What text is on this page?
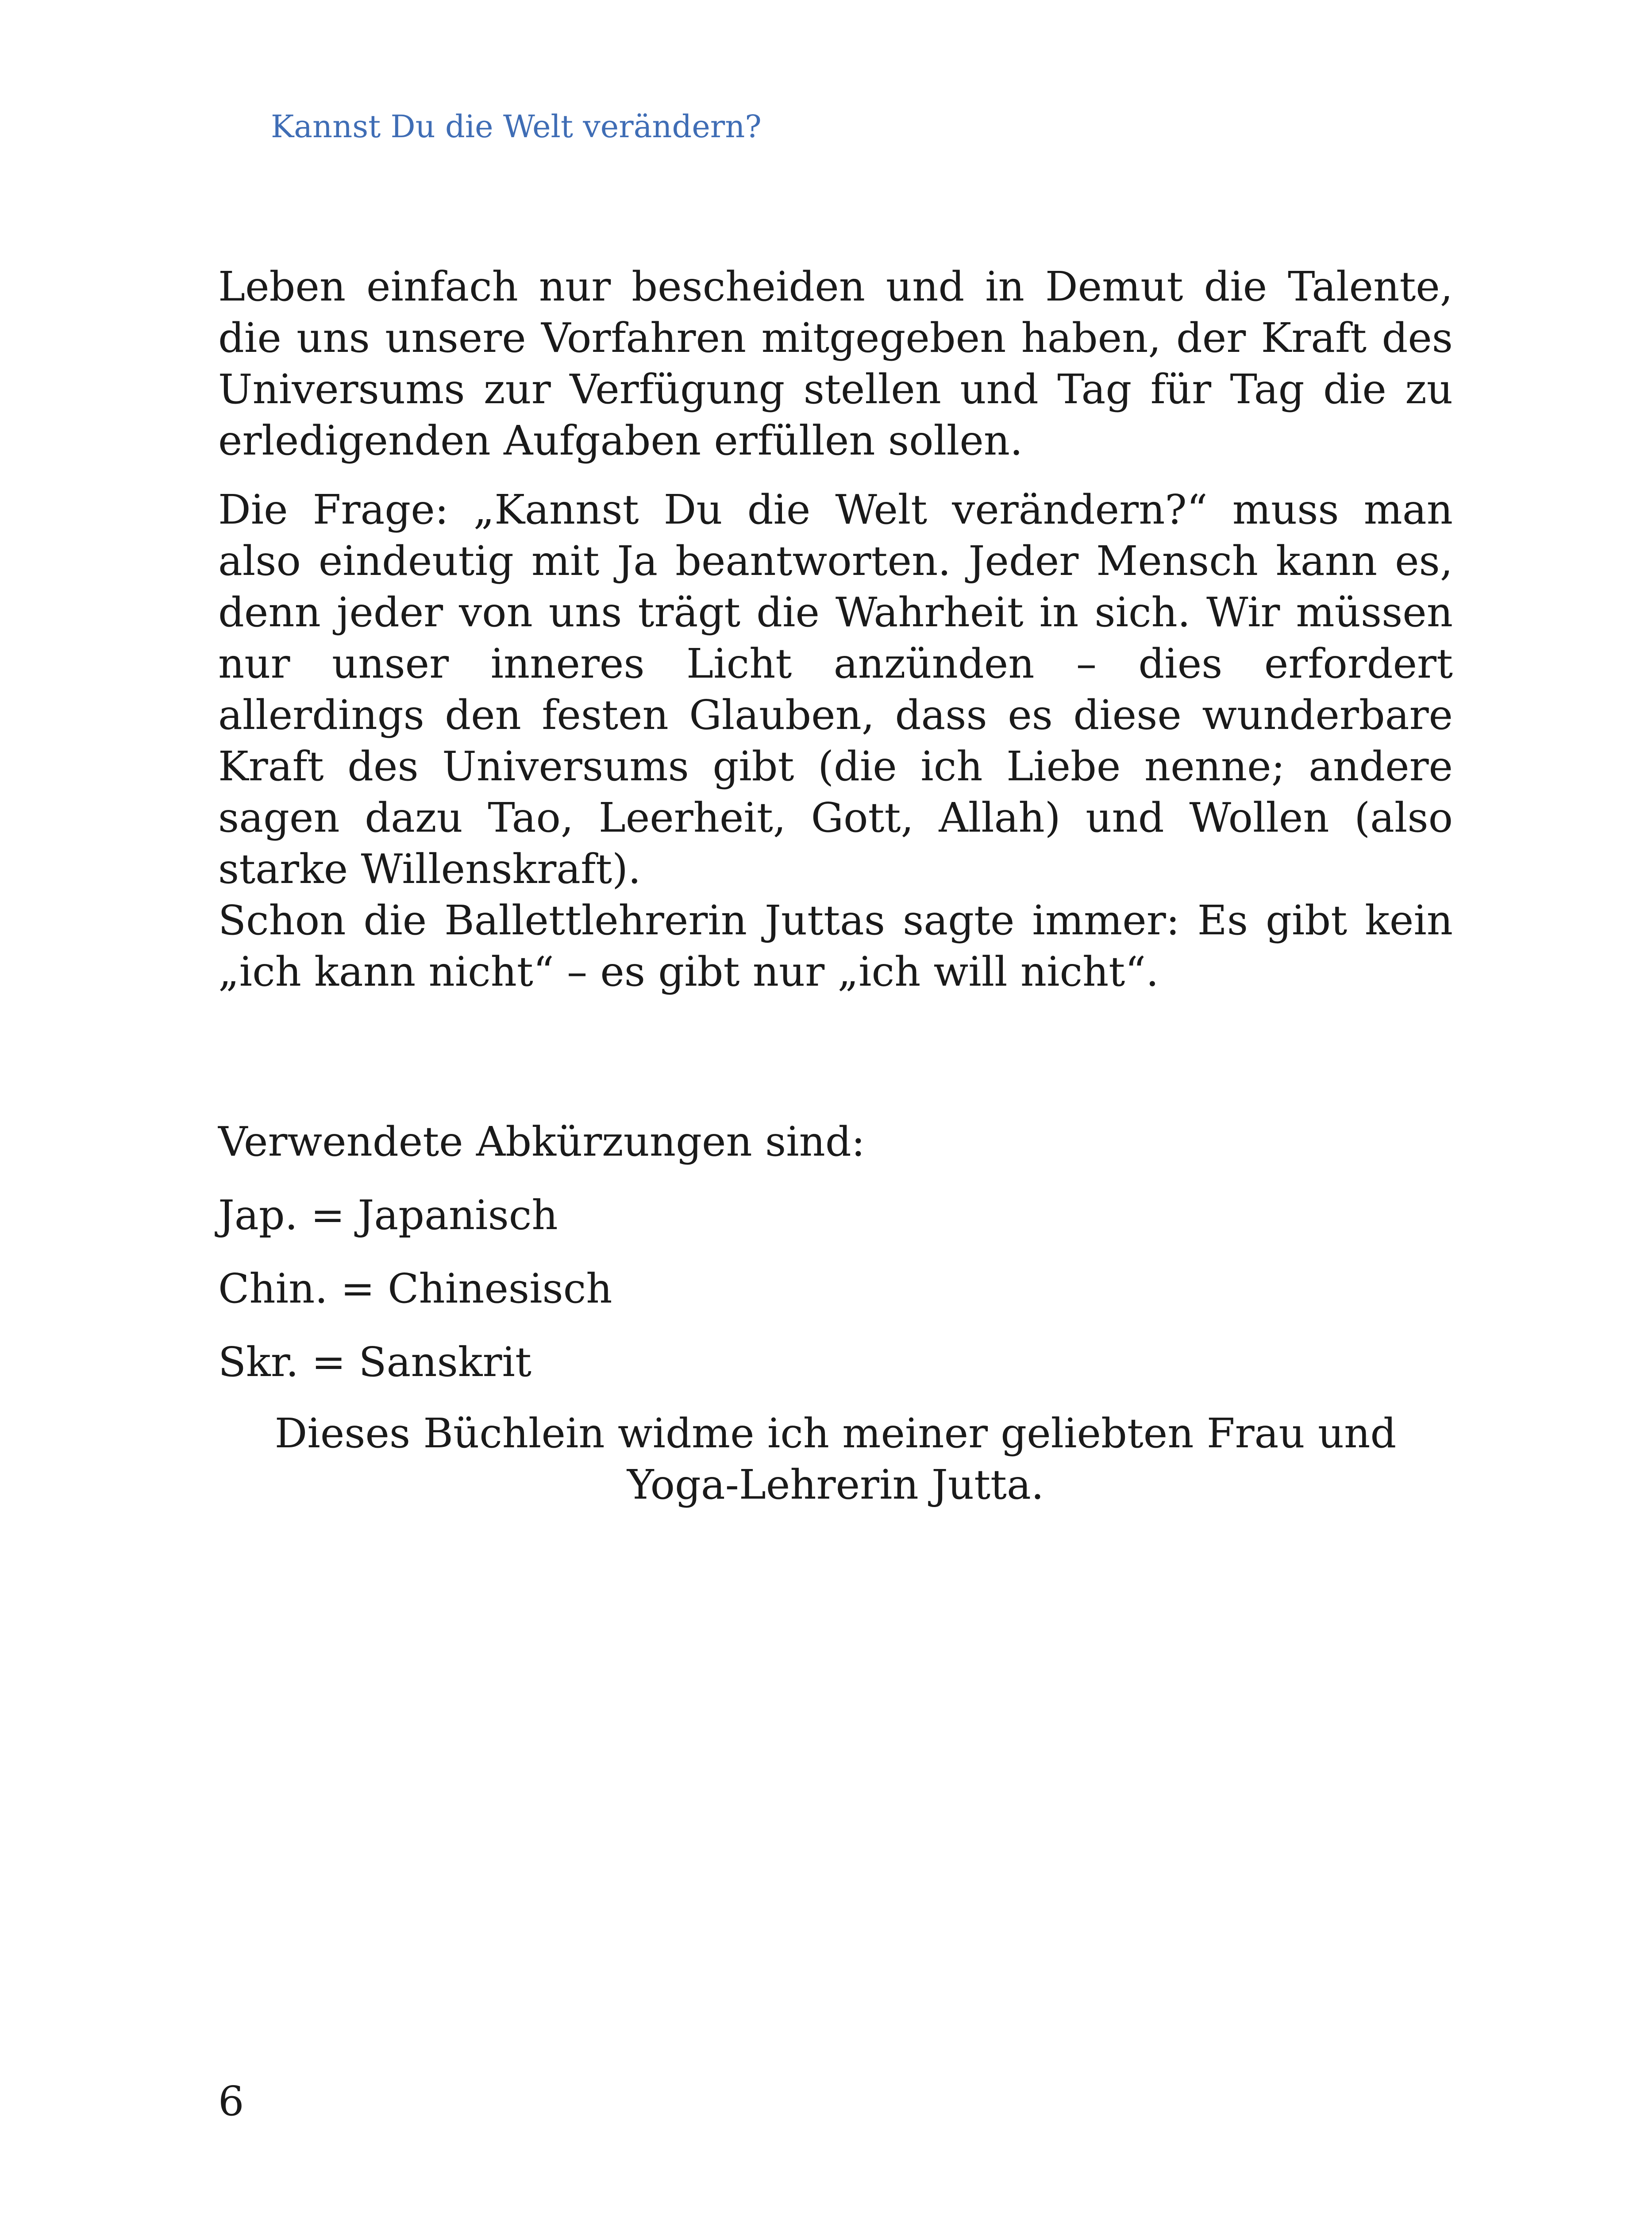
Kannst Du die Welt verändern?

Leben einfach nur bescheiden und in Demut die Talente, die uns unsere Vorfahren mitgegeben haben, der Kraft des Universums zur Verfügung stellen und Tag für Tag die zu erledigenden Aufgaben erfüllen sollen.

Die Frage: „Kannst Du die Welt verändern?“ muss man also eindeutig mit Ja beantworten. Jeder Mensch kann es, denn jeder von uns trägt die Wahrheit in sich. Wir müssen nur unser inneres Licht anzünden – dies erfordert allerdings den festen Glauben, dass es diese wunderbare Kraft des Universums gibt (die ich Liebe nenne; andere sagen dazu Tao, Leerheit, Gott, Allah) und Wollen (also starke Willenskraft).

Schon die Ballettlehrerin Juttas sagte immer: Es gibt kein „ich kann nicht“ – es gibt nur „ich will nicht“.

Verwendete Abkürzungen sind:

Jap. = Japanisch
Chin. = Chinesisch
Skr. = Sanskrit
Dieses Büchlein widme ich meiner geliebten Frau und
Yoga-Lehrerin Jutta.

6
